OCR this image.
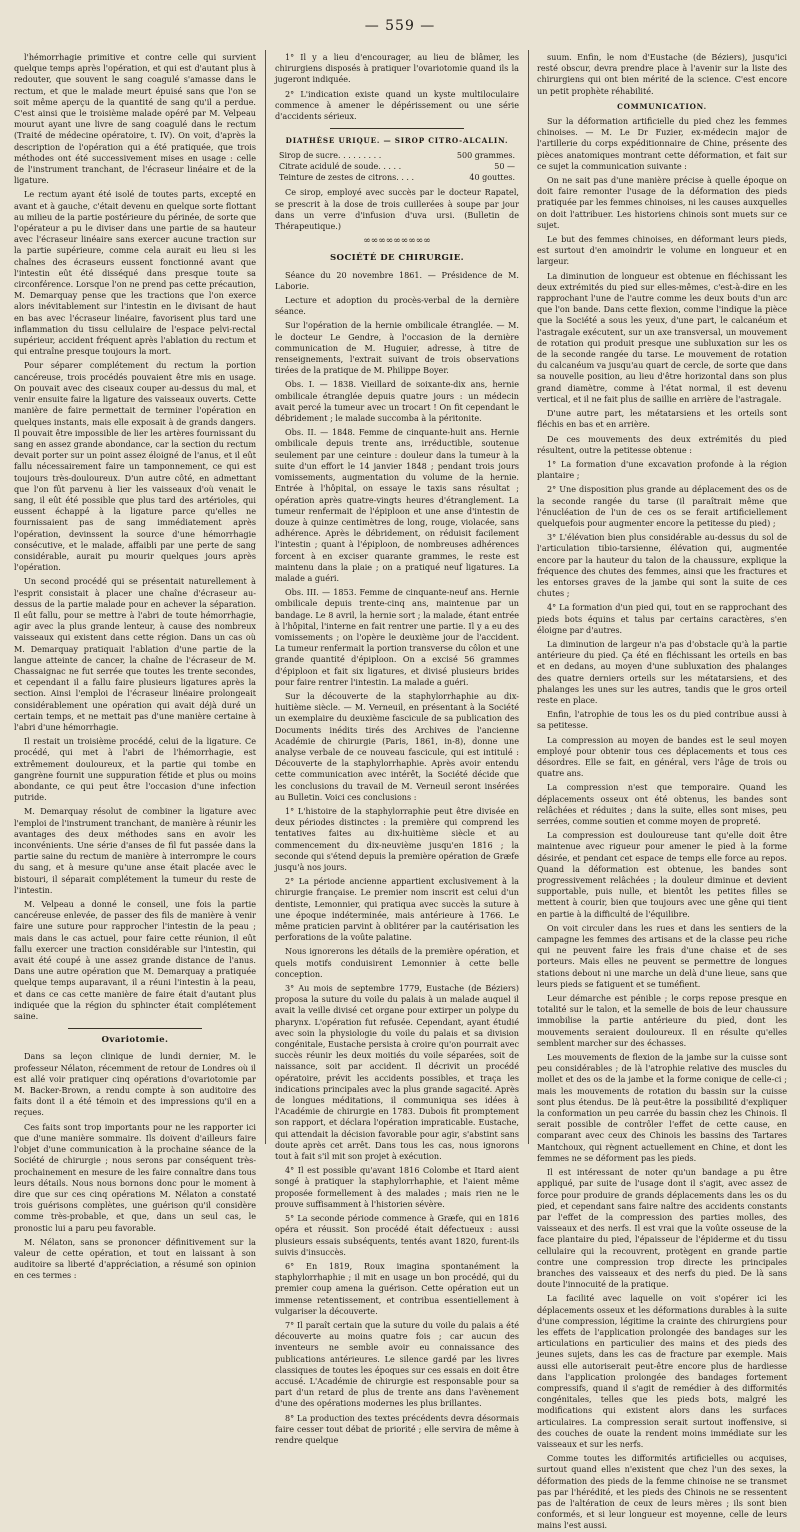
— 559 —

l'hémorrhagie primitive et contre celle qui survient quelque temps après l'opération, et qui est d'autant plus à redouter, que souvent le sang coagulé s'amasse dans le rectum, et que le malade meurt épuisé sans que l'on se soit même aperçu de la quantité de sang qu'il a perdue. C'est ainsi que le troisième malade opéré par M. Velpeau mourut ayant une livre de sang coagulé dans le rectum (Traité de médecine opératoire, t. IV). On voit, d'après la description de l'opération qui a été pratiquée, que trois méthodes ont été successivement mises en usage : celle de l'instrument tranchant, de l'écraseur linéaire et de la ligature.

Le rectum ayant été isolé de toutes parts, excepté en avant et à gauche, c'était devenu en quelque sorte flottant au milieu de la partie postérieure du périnée, de sorte que l'opérateur a pu le diviser dans une partie de sa hauteur avec l'écraseur linéaire sans exercer aucune traction sur la partie supérieure, comme cela aurait eu lieu si les chaînes des écraseurs eussent fonctionné avant que l'intestin eût été disséqué dans presque toute sa circonférence. Lorsque l'on ne prend pas cette précaution, M. Demarquay pense que les tractions que l'on exerce alors inévitablement sur l'intestin en le divisant de haut en bas avec l'écraseur linéaire, favorisent plus tard une inflammation du tissu cellulaire de l'espace pelvi-rectal supérieur, accident fréquent après l'ablation du rectum et qui entraîne presque toujours la mort.

Pour séparer complétement du rectum la portion cancéreuse, trois procédés pouvaient être mis en usage. On pouvait avec des ciseaux couper au-dessus du mal, et venir ensuite faire la ligature des vaisseaux ouverts. Cette manière de faire permettait de terminer l'opération en quelques instants, mais elle exposait à de grands dangers. Il pouvait être impossible de lier les artères fournissant du sang en assez grande abondance, car la section du rectum devait porter sur un point assez éloigné de l'anus, et il eût fallu nécessairement faire un tamponnement, ce qui est toujours très-douloureux. D'un autre côté, en admettant que l'on fût parvenu à lier les vaisseaux d'où venait le sang, il eût été possible que plus tard des artérioles, qui eussent échappé à la ligature parce qu'elles ne fournissaient pas de sang immédiatement après l'opération, devinssent la source d'une hémorrhagie consécutive, et le malade, affaibli par une perte de sang considérable, aurait pu mourir quelques jours après l'opération.

Un second procédé qui se présentait naturellement à l'esprit consistait à placer une chaîne d'écraseur au-dessus de la partie malade pour en achever la séparation. Il eût fallu, pour se mettre à l'abri de toute hémorrhagie, agir avec la plus grande lenteur, à cause des nombreux vaisseaux qui existent dans cette région. Dans un cas où M. Demarquay pratiquait l'ablation d'une partie de la langue atteinte de cancer, la chaîne de l'écraseur de M. Chassaignac ne fut serrée que toutes les trente secondes, et cependant il a fallu faire plusieurs ligatures après la section. Ainsi l'emploi de l'écraseur linéaire prolongeait considérablement une opération qui avait déjà duré un certain temps, et ne mettait pas d'une manière certaine à l'abri d'une hémorrhagie.

Il restait un troisième procédé, celui de la ligature. Ce procédé, qui met à l'abri de l'hémorrhagie, est extrêmement douloureux, et la partie qui tombe en gangrène fournit une suppuration fétide et plus ou moins abondante, ce qui peut être l'occasion d'une infection putride.

M. Demarquay résolut de combiner la ligature avec l'emploi de l'instrument tranchant, de manière à réunir les avantages des deux méthodes sans en avoir les inconvénients. Une série d'anses de fil fut passée dans la partie saine du rectum de manière à interrompre le cours du sang, et à mesure qu'une anse était placée avec le bistouri, il séparait complétement la tumeur du reste de l'intestin.

M. Velpeau a donné le conseil, une fois la partie cancéreuse enlevée, de passer des fils de manière à venir faire une suture pour rapprocher l'intestin de la peau ; mais dans le cas actuel, pour faire cette réunion, il eût fallu exercer une traction considérable sur l'intestin, qui avait été coupé à une assez grande distance de l'anus. Dans une autre opération que M. Demarquay a pratiquée quelque temps auparavant, il a réuni l'intestin à la peau, et dans ce cas cette manière de faire était d'autant plus indiquée que la région du sphincter était complétement saine.

Ovariotomie.

Dans sa leçon clinique de lundi dernier, M. le professeur Nélaton, récemment de retour de Londres où il est allé voir pratiquer cinq opérations d'ovariotomie par M. Backer-Brown, a rendu compte à son auditoire des faits dont il a été témoin et des impressions qu'il en a reçues.

Ces faits sont trop importants pour ne les rapporter ici que d'une manière sommaire. Ils doivent d'ailleurs faire l'objet d'une communication à la prochaine séance de la Société de chirurgie ; nous serons par conséquent très-prochainement en mesure de les faire connaître dans tous leurs détails. Nous nous bornons donc pour le moment à dire que sur ces cinq opérations M. Nélaton a constaté trois guérisons complètes, une guérison qu'il considère comme très-probable, et que, dans un seul cas, le pronostic lui a paru peu favorable.

M. Nélaton, sans se prononcer définitivement sur la valeur de cette opération, et tout en laissant à son auditoire sa liberté d'appréciation, a résumé son opinion en ces termes :

1° Il y a lieu d'encourager, au lieu de blâmer, les chirurgiens disposés à pratiquer l'ovariotomie quand ils la jugeront indiquée.

2° L'indication existe quand un kyste multiloculaire commence à amener le dépérissement ou une série d'accidents sérieux.

DIATHÈSE URIQUE. — SIROP CITRO-ALCALIN.
Sirop de sucre. . . . . . . . .	500 grammes.
Citrate acidulé de soude. . . . .	50 —
Teinture de zestes de citrons. . . .	40 gouttes.

Ce sirop, employé avec succès par le docteur Rapatel, se prescrit à la dose de trois cuillerées à soupe par jour dans un verre d'infusion d'uva ursi. (Bulletin de Thérapeutique.)

∞∞∞∞∞∞∞∞∞
SOCIÉTÉ DE CHIRURGIE.

Séance du 20 novembre 1861. — Présidence de M. Laborie.

Lecture et adoption du procès-verbal de la dernière séance.

Sur l'opération de la hernie ombilicale étranglée. — M. le docteur Le Gendre, à l'occasion de la dernière communication de M. Huguier, adresse, à titre de renseignements, l'extrait suivant de trois observations tirées de la pratique de M. Philippe Boyer.

Obs. I. — 1838. Vieillard de soixante-dix ans, hernie ombilicale étranglée depuis quatre jours : un médecin avait percé la tumeur avec un trocart ! On fit cependant le débridement ; le malade succomba à la péritonite.

Obs. II. — 1848. Femme de cinquante-huit ans. Hernie ombilicale depuis trente ans, irréductible, soutenue seulement par une ceinture : douleur dans la tumeur à la suite d'un effort le 14 janvier 1848 ; pendant trois jours vomissements, augmentation du volume de la hernie. Entrée à l'hôpital, on essaye le taxis sans résultat ; opération après quatre-vingts heures d'étranglement. La tumeur renfermait de l'épiploon et une anse d'intestin de douze à quinze centimètres de long, rouge, violacée, sans adhérence. Après le débridement, on réduisit facilement l'intestin ; quant à l'épiploon, de nombreuses adhérences forcent à en exciser quarante grammes, le reste est maintenu dans la plaie ; on a pratiqué neuf ligatures. La malade a guéri.

Obs. III. — 1853. Femme de cinquante-neuf ans. Hernie ombilicale depuis trente-cinq ans, maintenue par un bandage. Le 8 avril, la hernie sort ; la malade, étant entrée à l'hôpital, l'interne en fait rentrer une partie. Il y a eu des vomissements ; on l'opère le deuxième jour de l'accident. La tumeur renfermait la portion transverse du côlon et une grande quantité d'épiploon. On a excisé 56 grammes d'épiploon et fait six ligatures, et divisé plusieurs brides pour faire rentrer l'intestin. La malade a guéri.

Sur la découverte de la staphylorrhaphie au dix-huitième siècle. — M. Verneuil, en présentant à la Société un exemplaire du deuxième fascicule de sa publication des Documents inédits tirés des Archives de l'ancienne Académie de chirurgie (Paris, 1861, in-8), donne une analyse verbale de ce nouveau fascicule, qui est intitulé : Découverte de la staphylorrhaphie. Après avoir entendu cette communication avec intérêt, la Société décide que les conclusions du travail de M. Verneuil seront insérées au Bulletin. Voici ces conclusions :

1° L'histoire de la staphylorraphie peut être divisée en deux périodes distinctes : la première qui comprend les tentatives faites au dix-huitième siècle et au commencement du dix-neuvième jusqu'en 1816 ; la seconde qui s'étend depuis la première opération de Græfe jusqu'à nos jours.

2° La période ancienne appartient exclusivement à la chirurgie française. Le premier nom inscrit est celui d'un dentiste, Lemonnier, qui pratiqua avec succès la suture à une époque indéterminée, mais antérieure à 1766. Le même praticien parvint à oblitérer par la cautérisation les perforations de la voûte palatine.

Nous ignorerons les détails de la première opération, et quels motifs conduisirent Lemonnier à cette belle conception.

3° Au mois de septembre 1779, Eustache (de Béziers) proposa la suture du voile du palais à un malade auquel il avait la veille divisé cet organe pour extirper un polype du pharynx. L'opération fut refusée. Cependant, ayant étudié avec soin la physiologie du voile du palais et sa division congénitale, Eustache persista à croire qu'on pourrait avec succès réunir les deux moitiés du voile séparées, soit de naissance, soit par accident. Il décrivit un procédé opératoire, prévit les accidents possibles, et traça les indications principales avec la plus grande sagacité. Après de longues méditations, il communiqua ses idées à l'Académie de chirurgie en 1783. Dubois fit promptement son rapport, et déclara l'opération impraticable. Eustache, qui attendait la décision favorable pour agir, s'abstint sans doute après cet arrêt. Dans tous les cas, nous ignorons tout à fait s'il mit son projet à exécution.

4° Il est possible qu'avant 1816 Colombe et Itard aient songé à pratiquer la staphylorrhaphie, et l'aient même proposée formellement à des malades ; mais rien ne le prouve suffisamment à l'historien sévère.

5° La seconde période commence à Græfe, qui en 1816 opéra et réussit. Son procédé était défectueux : aussi plusieurs essais subséquents, tentés avant 1820, furent-ils suivis d'insuccès.

6° En 1819, Roux imagina spontanément la staphylorrhaphie ; il mit en usage un bon procédé, qui du premier coup amena la guérison. Cette opération eut un immense retentissement, et contribua essentiellement à vulgariser la découverte.

7° Il paraît certain que la suture du voile du palais a été découverte au moins quatre fois ; car aucun des inventeurs ne semble avoir eu connaissance des publications antérieures. Le silence gardé par les livres classiques de toutes les époques sur ces essais en doit être accusé. L'Académie de chirurgie est responsable pour sa part d'un retard de plus de trente ans dans l'avènement d'une des opérations modernes les plus brillantes.

8° La production des textes précédents devra désormais faire cesser tout débat de priorité ; elle servira de même à rendre quelque

suum. Enfin, le nom d'Eustache (de Béziers), jusqu'ici resté obscur, devra prendre place à l'avenir sur la liste des chirurgiens qui ont bien mérité de la science. C'est encore un petit prophète réhabilité.

COMMUNICATION.

Sur la déformation artificielle du pied chez les femmes chinoises. — M. Le Dr Fuzier, ex-médecin major de l'artillerie du corps expéditionnaire de Chine, présente des pièces anatomiques montrant cette déformation, et fait sur ce sujet la communication suivante :

On ne sait pas d'une manière précise à quelle époque on doit faire remonter l'usage de la déformation des pieds pratiquée par les femmes chinoises, ni les causes auxquelles on doit l'attribuer. Les historiens chinois sont muets sur ce sujet.

Le but des femmes chinoises, en déformant leurs pieds, est surtout d'en amoindrir le volume en longueur et en largeur.

La diminution de longueur est obtenue en fléchissant les deux extrémités du pied sur elles-mêmes, c'est-à-dire en les rapprochant l'une de l'autre comme les deux bouts d'un arc que l'on bande. Dans cette flexion, comme l'indique la pièce que la Société a sous les yeux, d'une part, le calcanéum et l'astragale exécutent, sur un axe transversal, un mouvement de rotation qui produit presque une subluxation sur les os de la seconde rangée du tarse. Le mouvement de rotation du calcanéum va jusqu'au quart de cercle, de sorte que dans sa nouvelle position, au lieu d'être horizontal dans son plus grand diamètre, comme à l'état normal, il est devenu vertical, et il ne fait plus de saillie en arrière de l'astragale.

D'une autre part, les métatarsiens et les orteils sont fléchis en bas et en arrière.

De ces mouvements des deux extrémités du pied résultent, outre la petitesse obtenue :

1° La formation d'une excavation profonde à la région plantaire ;

2° Une disposition plus grande au déplacement des os de la seconde rangée du tarse (il paraîtrait même que l'énucléation de l'un de ces os se ferait artificiellement quelquefois pour augmenter encore la petitesse du pied) ;

3° L'élévation bien plus considérable au-dessus du sol de l'articulation tibio-tarsienne, élévation qui, augmentée encore par la hauteur du talon de la chaussure, explique la fréquence des chutes des femmes, ainsi que les fractures et les entorses graves de la jambe qui sont la suite de ces chutes ;

4° La formation d'un pied qui, tout en se rapprochant des pieds bots équins et talus par certains caractères, s'en éloigne par d'autres.

La diminution de largeur n'a pas d'obstacle qu'à la partie antérieure du pied. Ça été en fléchissant les orteils en bas et en dedans, au moyen d'une subluxation des phalanges des quatre derniers orteils sur les métatarsiens, et des phalanges les unes sur les autres, tandis que le gros orteil reste en place.

Enfin, l'atrophie de tous les os du pied contribue aussi à sa petitesse.

La compression au moyen de bandes est le seul moyen employé pour obtenir tous ces déplacements et tous ces désordres. Elle se fait, en général, vers l'âge de trois ou quatre ans.

La compression n'est que temporaire. Quand les déplacements osseux ont été obtenus, les bandes sont relâchées et réduites ; dans la suite, elles sont mises, peu serrées, comme soutien et comme moyen de propreté.

La compression est douloureuse tant qu'elle doit être maintenue avec rigueur pour amener le pied à la forme désirée, et pendant cet espace de temps elle force au repos. Quand la déformation est obtenue, les bandes sont progressivement relâchées ; la douleur diminue et devient supportable, puis nulle, et bientôt les petites filles se mettent à courir, bien que toujours avec une gêne qui tient en partie à la difficulté de l'équilibre.

On voit circuler dans les rues et dans les sentiers de la campagne les femmes des artisans et de la classe peu riche qui ne peuvent faire les frais d'une chaise et de ses porteurs. Mais elles ne peuvent se permettre de longues stations debout ni une marche un delà d'une lieue, sans que leurs pieds se fatiguent et se tuméfient.

Leur démarche est pénible ; le corps repose presque en totalité sur le talon, et la semelle de bois de leur chaussure immobilise la partie antérieure du pied, dont les mouvements seraient douloureux. Il en résulte qu'elles semblent marcher sur des échasses.

Les mouvements de flexion de la jambe sur la cuisse sont peu considérables ; de là l'atrophie relative des muscles du mollet et des os de la jambe et la forme conique de celle-ci ; mais les mouvements de rotation du bassin sur la cuisse sont plus étendus. De là peut-être la possibilité d'expliquer la conformation un peu carrée du bassin chez les Chinois. Il serait possible de contrôler l'effet de cette cause, en comparant avec ceux des Chinois les bassins des Tartares Mantchoux, qui règnent actuellement en Chine, et dont les femmes ne se déforment pas les pieds.

Il est intéressant de noter qu'un bandage a pu être appliqué, par suite de l'usage dont il s'agit, avec assez de force pour produire de grands déplacements dans les os du pied, et cependant sans faire naître des accidents constants par l'effet de la compression des parties molles, des vaisseaux et des nerfs. Il est vrai que la voûte osseuse de la face plantaire du pied, l'épaisseur de l'épiderme et du tissu cellulaire qui la recouvrent, protègent en grande partie contre une compression trop directe les principales branches des vaisseaux et des nerfs du pied. De là sans doute l'innocuité de la pratique.

La facilité avec laquelle on voit s'opérer ici les déplacements osseux et les déformations durables à la suite d'une compression, légitime la crainte des chirurgiens pour les effets de l'application prolongée des bandages sur les articulations en particulier des mains et des pieds des jeunes sujets, dans les cas de fracture par exemple. Mais aussi elle autoriserait peut-être encore plus de hardiesse dans l'application prolongée des bandages fortement compressifs, quand il s'agit de remédier à des difformités congénitales, telles que les pieds bots, malgré les modifications qui existent alors dans les surfaces articulaires. La compression serait surtout inoffensive, si des couches de ouate la rendent moins immédiate sur les vaisseaux et sur les nerfs.

Comme toutes les difformités artificielles ou acquises, surtout quand elles n'existent que chez l'un des sexes, la déformation des pieds de la femme chinoise ne se transmet pas par l'hérédité, et les pieds des Chinois ne se ressentent pas de l'altération de ceux de leurs mères ; ils sont bien conformés, et si leur longueur est moyenne, celle de leurs mains l'est aussi.
